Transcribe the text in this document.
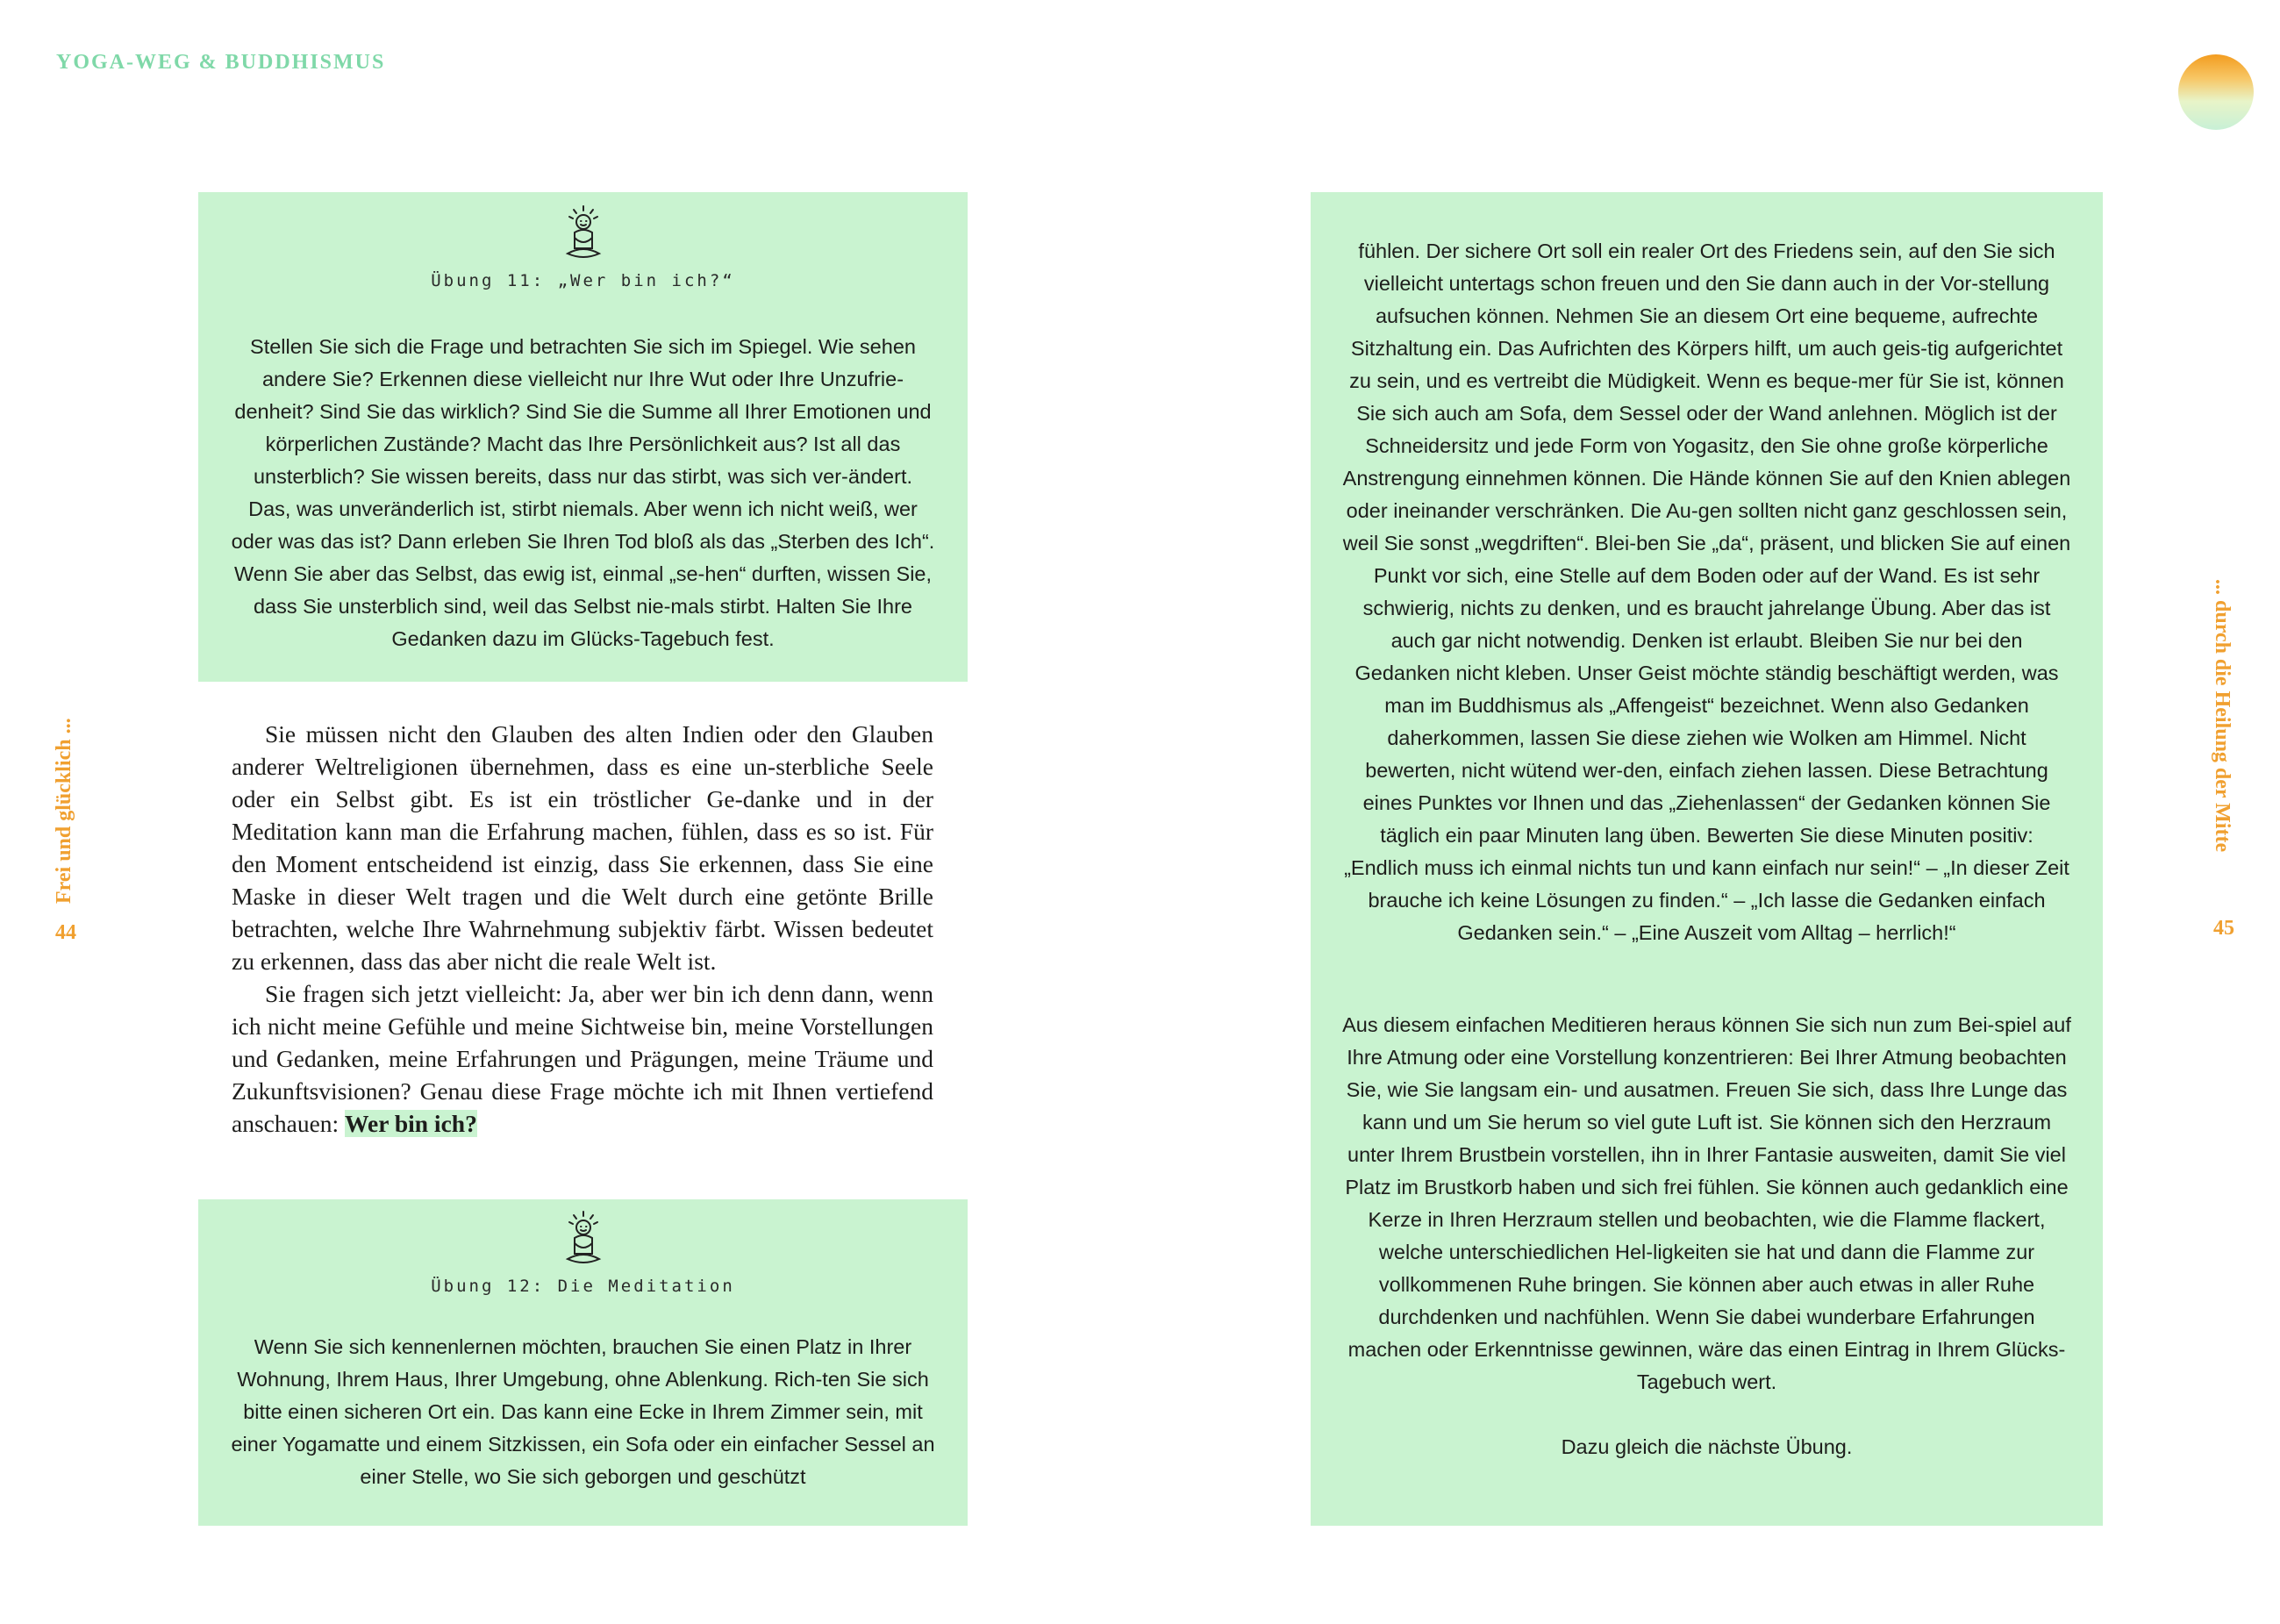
YOGA-WEG & BUDDHISMUS
Frei und glücklich ...
44
... durch die Heilung der Mitte
45
Übung 11: „Wer bin ich?“
Stellen Sie sich die Frage und betrachten Sie sich im Spiegel. Wie sehen andere Sie? Erkennen diese vielleicht nur Ihre Wut oder Ihre Unzufrie-denheit? Sind Sie das wirklich? Sind Sie die Summe all Ihrer Emotionen und körperlichen Zustände? Macht das Ihre Persönlichkeit aus? Ist all das unsterblich? Sie wissen bereits, dass nur das stirbt, was sich ver-ändert. Das, was unveränderlich ist, stirbt niemals. Aber wenn ich nicht weiß, wer oder was das ist? Dann erleben Sie Ihren Tod bloß als das „Sterben des Ich“. Wenn Sie aber das Selbst, das ewig ist, einmal „se-hen“ durften, wissen Sie, dass Sie unsterblich sind, weil das Selbst nie-mals stirbt. Halten Sie Ihre Gedanken dazu im Glücks-Tagebuch fest.

Sie müssen nicht den Glauben des alten Indien oder den Glauben anderer Weltreligionen übernehmen, dass es eine un-sterbliche Seele oder ein Selbst gibt. Es ist ein tröstlicher Ge-danke und in der Meditation kann man die Erfahrung machen, fühlen, dass es so ist. Für den Moment entscheidend ist einzig, dass Sie erkennen, dass Sie eine Maske in dieser Welt tragen und die Welt durch eine getönte Brille betrachten, welche Ihre Wahrnehmung subjektiv färbt. Wissen bedeutet zu erkennen, dass das aber nicht die reale Welt ist.

Sie fragen sich jetzt vielleicht: Ja, aber wer bin ich denn dann, wenn ich nicht meine Gefühle und meine Sichtweise bin, meine Vorstellungen und Gedanken, meine Erfahrungen und Prägungen, meine Träume und Zukunftsvisionen? Genau diese Frage möchte ich mit Ihnen vertiefend anschauen: Wer bin ich?

Übung 12: Die Meditation
Wenn Sie sich kennenlernen möchten, brauchen Sie einen Platz in Ihrer Wohnung, Ihrem Haus, Ihrer Umgebung, ohne Ablenkung. Rich-ten Sie sich bitte einen sicheren Ort ein. Das kann eine Ecke in Ihrem Zimmer sein, mit einer Yogamatte und einem Sitzkissen, ein Sofa oder ein einfacher Sessel an einer Stelle, wo Sie sich geborgen und geschützt
fühlen. Der sichere Ort soll ein realer Ort des Friedens sein, auf den Sie sich vielleicht untertags schon freuen und den Sie dann auch in der Vor-stellung aufsuchen können. Nehmen Sie an diesem Ort eine bequeme, aufrechte Sitzhaltung ein. Das Aufrichten des Körpers hilft, um auch geis-tig aufgerichtet zu sein, und es vertreibt die Müdigkeit. Wenn es beque-mer für Sie ist, können Sie sich auch am Sofa, dem Sessel oder der Wand anlehnen. Möglich ist der Schneidersitz und jede Form von Yogasitz, den Sie ohne große körperliche Anstrengung einnehmen können. Die Hände können Sie auf den Knien ablegen oder ineinander verschränken. Die Au-gen sollten nicht ganz geschlossen sein, weil Sie sonst „wegdriften“. Blei-ben Sie „da“, präsent, und blicken Sie auf einen Punkt vor sich, eine Stelle auf dem Boden oder auf der Wand. Es ist sehr schwierig, nichts zu denken, und es braucht jahrelange Übung. Aber das ist auch gar nicht notwendig. Denken ist erlaubt. Bleiben Sie nur bei den Gedanken nicht kleben. Unser Geist möchte ständig beschäftigt werden, was man im Buddhismus als „Affengeist“ bezeichnet. Wenn also Gedanken daherkommen, lassen Sie diese ziehen wie Wolken am Himmel. Nicht bewerten, nicht wütend wer-den, einfach ziehen lassen. Diese Betrachtung eines Punktes vor Ihnen und das „Ziehenlassen“ der Gedanken können Sie täglich ein paar Minuten lang üben. Bewerten Sie diese Minuten positiv: „Endlich muss ich einmal nichts tun und kann einfach nur sein!“ – „In dieser Zeit brauche ich keine Lösungen zu finden.“ – „Ich lasse die Gedanken einfach Gedanken sein.“ – „Eine Auszeit vom Alltag – herrlich!“
Aus diesem einfachen Meditieren heraus können Sie sich nun zum Bei-spiel auf Ihre Atmung oder eine Vorstellung konzentrieren: Bei Ihrer Atmung beobachten Sie, wie Sie langsam ein- und ausatmen. Freuen Sie sich, dass Ihre Lunge das kann und um Sie herum so viel gute Luft ist. Sie können sich den Herzraum unter Ihrem Brustbein vorstellen, ihn in Ihrer Fantasie ausweiten, damit Sie viel Platz im Brustkorb haben und sich frei fühlen. Sie können auch gedanklich eine Kerze in Ihren Herzraum stellen und beobachten, wie die Flamme flackert, welche unterschiedlichen Hel-ligkeiten sie hat und dann die Flamme zur vollkommenen Ruhe bringen. Sie können aber auch etwas in aller Ruhe durchdenken und nachfühlen. Wenn Sie dabei wunderbare Erfahrungen machen oder Erkenntnisse gewinnen, wäre das einen Eintrag in Ihrem Glücks-Tagebuch wert.
Dazu gleich die nächste Übung.
